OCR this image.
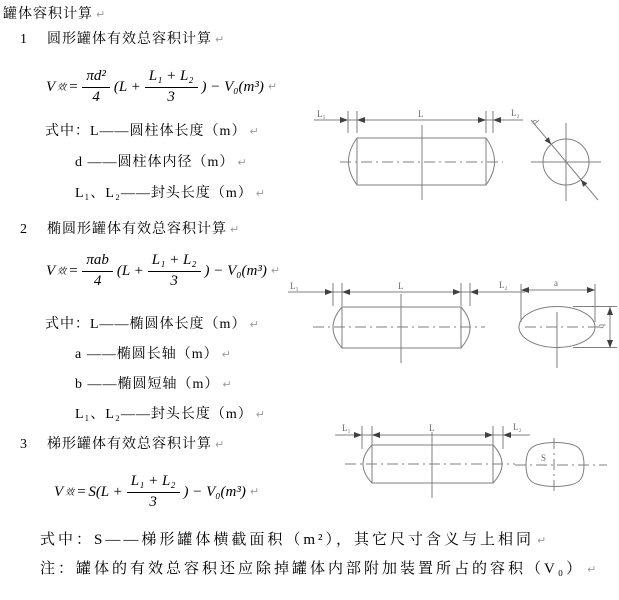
罐体容积计算 ↵
1 圆形罐体有效总容积计算 ↵
V 效 = $\frac{\text{πd²}}{4} (L + \frac{\text{L₁ + L₂}}{3}$ ) − V₀(m³) ↵
式中：L——圆柱体长度（m） ↵
d ——圆柱体内径（m） ↵
L₁、L₂——封头长度（m） ↵
2 椭圆形罐体有效总容积计算 ↵
V 效 = $\frac{\text{πab}}{4} (L + \frac{\text{L₁ + L₂}}{3}$ ) − V₀(m³) ↵
式中：L——椭圆体长度（m） ↵
a ——椭圆长轴（m） ↵
b ——椭圆短轴（m） ↵
L₁、L₂——封头长度（m） ↵
3 梯形罐体有效总容积计算 ↵
V 效 = $S(L + \frac{\text{L₁ + L₂}}{3}$ ) − V₀(m³) ↵
式中：S——梯形罐体横截面积（m²），其它尺寸含义与上相同 ↵
注：罐体的有效总容积还应除掉罐体内部附加装置所占的容积（V₀） ↵
L₁	L	L₂
d
L₁	L	L₂	a
b
L₁	L	L₂
S
